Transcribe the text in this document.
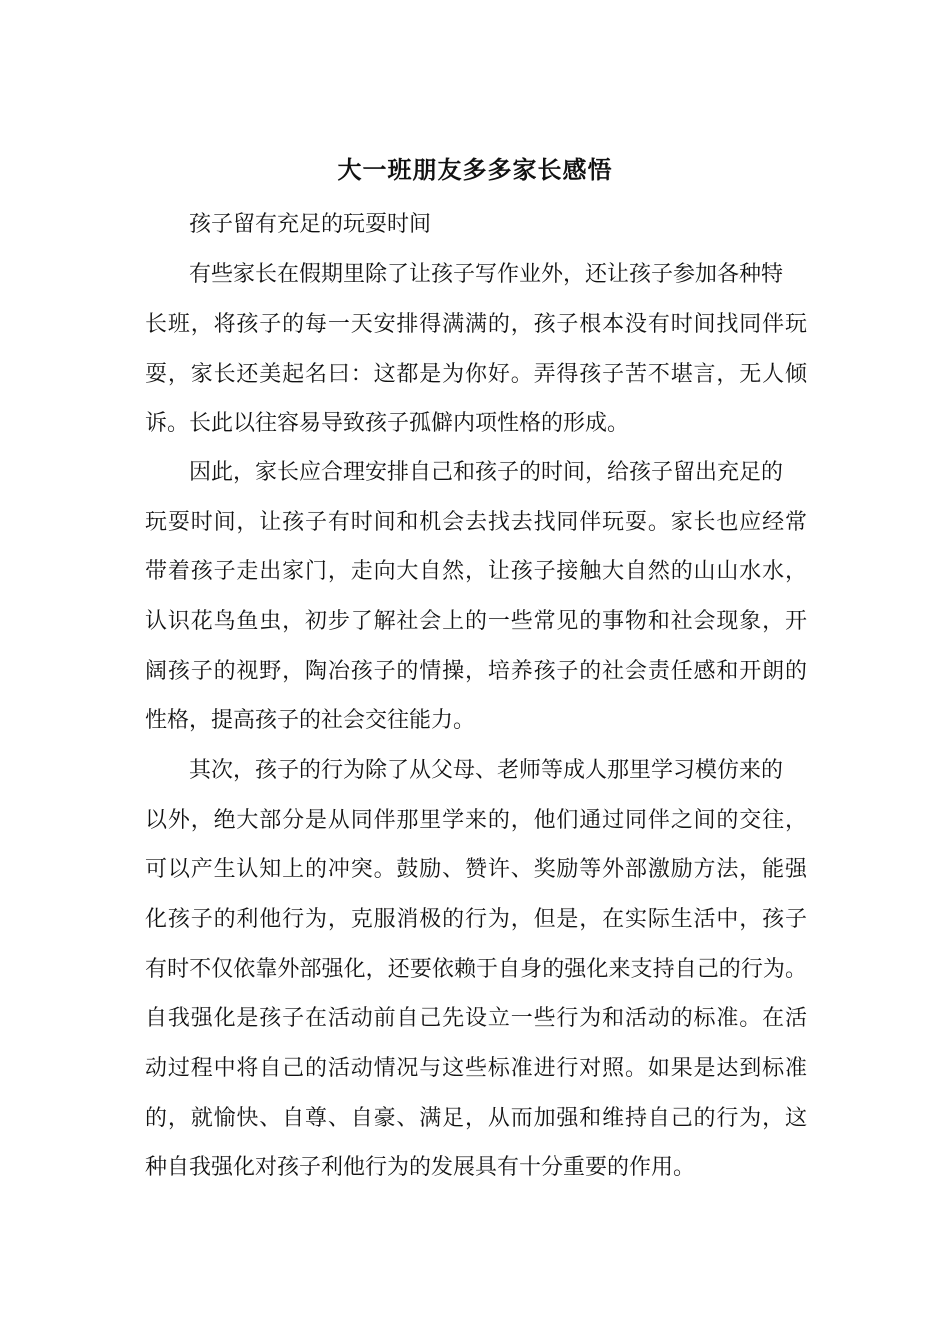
大一班朋友多多家长感悟
孩子留有充足的玩耍时间
有些家长在假期里除了让孩子写作业外，还让孩子参加各种特
长班，将孩子的每一天安排得满满的，孩子根本没有时间找同伴玩
耍，家长还美起名曰：这都是为你好。弄得孩子苦不堪言，无人倾
诉。长此以往容易导致孩子孤僻内项性格的形成。
因此，家长应合理安排自己和孩子的时间，给孩子留出充足的
玩耍时间，让孩子有时间和机会去找去找同伴玩耍。家长也应经常
带着孩子走出家门，走向大自然，让孩子接触大自然的山山水水，
认识花鸟鱼虫，初步了解社会上的一些常见的事物和社会现象，开
阔孩子的视野，陶冶孩子的情操，培养孩子的社会责任感和开朗的
性格，提高孩子的社会交往能力。
其次，孩子的行为除了从父母、老师等成人那里学习模仿来的
以外，绝大部分是从同伴那里学来的，他们通过同伴之间的交往，
可以产生认知上的冲突。鼓励、赞许、奖励等外部激励方法，能强
化孩子的利他行为，克服消极的行为，但是，在实际生活中，孩子
有时不仅依靠外部强化，还要依赖于自身的强化来支持自己的行为。
自我强化是孩子在活动前自己先设立一些行为和活动的标准。在活
动过程中将自己的活动情况与这些标准进行对照。如果是达到标准
的，就愉快、自尊、自豪、满足，从而加强和维持自己的行为，这
种自我强化对孩子利他行为的发展具有十分重要的作用。
